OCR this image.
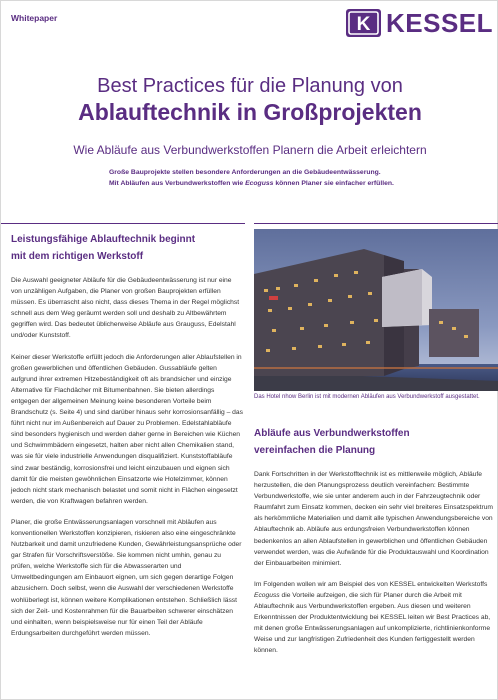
Whitepaper	K KESSEL
Best Practices für die Planung von
Ablauftechnik in Großprojekten
Wie Abläufe aus Verbundwerkstoffen Planern die Arbeit erleichtern
Große Bauprojekte stellen besondere Anforderungen an die Gebäudeentwässerung.
Mit Abläufen aus Verbundwerkstoffen wie Ecoguss können Planer sie einfacher erfüllen.
Leistungsfähige Ablauftechnik beginnt
mit dem richtigen Werkstoff

Die Auswahl geeigneter Abläufe für die Gebäudeentwässerung ist nur eine von unzähligen Aufgaben, die Planer von großen Bauprojekten erfüllen müssen. Es überrascht also nicht, dass dieses Thema in der Regel möglichst schnell aus dem Weg geräumt werden soll und deshalb zu Altbewährtem gegriffen wird. Das bedeutet üblicherweise Abläufe aus Grauguss, Edelstahl und/oder Kunststoff.

Keiner dieser Werkstoffe erfüllt jedoch die Anforderungen aller Ablaufstellen in großen gewerblichen und öffentlichen Gebäuden. Gussabläufe gelten aufgrund ihrer extremen Hitzebeständigkeit oft als brandsicher und einzige Alternative für Flachdächer mit Bitumenbahnen. Sie bieten allerdings entgegen der allgemeinen Meinung keine besonderen Vorteile beim Brandschutz (s. Seite 4) und sind darüber hinaus sehr korrosionsanfällig – das führt nicht nur im Außenbereich auf Dauer zu Problemen. Edelstahlabläufe sind besonders hygienisch und werden daher gerne in Bereichen wie Küchen und Schwimmbädern eingesetzt, halten aber nicht allen Chemikalien stand, was sie für viele industrielle Anwendungen disqualifiziert. Kunststoffabläufe sind zwar beständig, korrosionsfrei und leicht einzubauen und eignen sich damit für die meisten gewöhnlichen Einsatzorte wie Hotelzimmer, können jedoch nicht stark mechanisch belastet und somit nicht in Flächen eingesetzt werden, die von Kraftwagen befahren werden.

Planer, die große Entwässerungsanlagen vorschnell mit Abläufen aus konventionellen Werkstoffen konzipieren, riskieren also eine eingeschränkte Nutzbarkeit und damit unzufriedene Kunden, Gewährleistungsansprüche oder gar Strafen für Vorschriftsverstöße. Sie kommen nicht umhin, genau zu prüfen, welche Werkstoffe sich für die Abwasserarten und Umweltbedingungen am Einbauort eignen, um sich gegen derartige Folgen abzusichern. Doch selbst, wenn die Auswahl der verschiedenen Werkstoffe wohlüberlegt ist, können weitere Komplikationen entstehen. Schließlich lässt sich der Zeit- und Kostenrahmen für die Bauarbeiten schwerer einschätzen und einhalten, wenn beispielsweise nur für einen Teil der Abläufe Erdungsarbeiten durchgeführt werden müssen.

Das Hotel nhow Berlin ist mit modernen Abläufen aus Verbundwerkstoff ausgestattet.
Abläufe aus Verbundwerkstoffen
vereinfachen die Planung

Dank Fortschritten in der Werkstofftechnik ist es mittlerweile möglich, Abläufe herzustellen, die den Planungsprozess deutlich vereinfachen: Bestimmte Verbundwerkstoffe, wie sie unter anderem auch in der Fahrzeugtechnik oder Raumfahrt zum Einsatz kommen, decken ein sehr viel breiteres Einsatzspektrum als herkömmliche Materialien und damit alle typischen Anwendungsbereiche von Ablauftechnik ab. Abläufe aus erdungsfreien Verbundwerkstoffen können bedenkenlos an allen Ablaufstellen in gewerblichen und öffentlichen Gebäuden verwendet werden, was die Aufwände für die Produktauswahl und Koordination der Einbauarbeiten minimiert.

Im Folgenden wollen wir am Beispiel des von KESSEL entwickelten Werkstoffs Ecoguss die Vorteile aufzeigen, die sich für Planer durch die Arbeit mit Ablauftechnik aus Verbundwerkstoffen ergeben. Aus diesen und weiteren Erkenntnissen der Produktentwicklung bei KESSEL leiten wir Best Practices ab, mit denen große Entwässerungsanlagen auf unkomplizierte, richtlinienkonforme Weise und zur langfristigen Zufriedenheit des Kunden fertiggestellt werden können.
